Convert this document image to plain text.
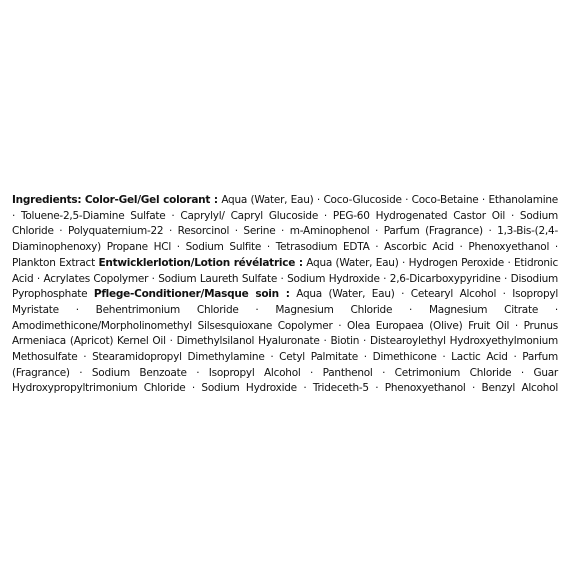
Ingredients: Color-Gel/Gel colorant : Aqua (Water, Eau) · Coco-Glucoside · Coco-Betaine · Ethanolamine · Toluene-2,5-Diamine Sulfate · Caprylyl/ Capryl Glucoside · PEG-60 Hydrogenated Castor Oil · Sodium Chloride · Polyquaternium-22 · Resorcinol · Serine · m-Aminophenol · Parfum (Fragrance) · 1,3-Bis-(2,4-Diaminophenoxy) Propane HCl · Sodium Sulfite · Tetrasodium EDTA · Ascorbic Acid · Phenoxyethanol · Plankton Extract Entwicklerlotion/Lotion révélatrice : Aqua (Water, Eau) · Hydrogen Peroxide · Etidronic Acid · Acrylates Copolymer · Sodium Laureth Sulfate · Sodium Hydroxide · 2,6-Dicarboxypyridine · Disodium Pyrophosphate Pflege-Conditioner/Masque soin : Aqua (Water, Eau) · Cetearyl Alcohol · Isopropyl Myristate · Behentrimonium Chloride · Magnesium Chloride · Magnesium Citrate · Amodimethicone/Morpholinomethyl Silsesquioxane Copolymer · Olea Europaea (Olive) Fruit Oil · Prunus Armeniaca (Apricot) Kernel Oil · Dimethylsilanol Hyaluronate · Biotin · Distearoylethyl Hydroxyethylmonium Methosulfate · Stearamidopropyl Dimethylamine · Cetyl Palmitate · Dimethicone · Lactic Acid · Parfum (Fragrance) · Sodium Benzoate · Isopropyl Alcohol · Panthenol · Cetrimonium Chloride · Guar Hydroxypropyltrimonium Chloride · Sodium Hydroxide · Trideceth-5 · Phenoxyethanol · Benzyl Alcohol
